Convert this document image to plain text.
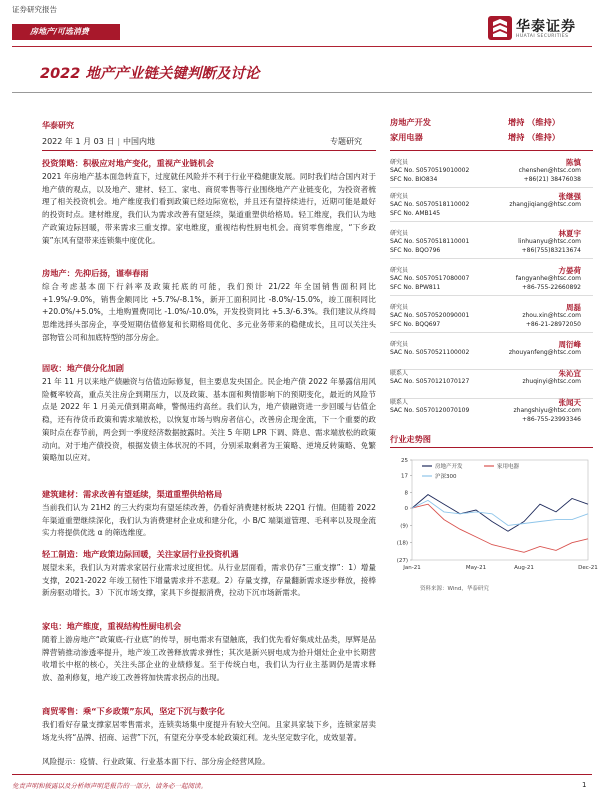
证券研究报告
房地产/可选消费	华泰证券
HUATAI SECURITIES
2022 地产产业链关键判断及讨论
华泰研究
2022 年 1 月 03 日 | 中国内地	专题研究
投资策略：积极应对地产变化，重视产业链机会
2021 年房地产基本面急转直下，过度就任风险并不利于行业平稳健康发展。同时我们结合国内对于地产债的观点，以及地产、建材、轻工、家电、商贸零售等行业围绕地产产业链变化，为投资者梳理了相关投资机会。地产维度我们看到政策已经边际宽松，并且还有望持续进行，近期可能是最好的投资时点。建材维度，我们认为需求改善有望延续，渠道重塑供给格局。轻工维度，我们认为地产政策边际回暖，带来需求三重支撑。家电维度，重视结构性厨电机会。商贸零售维度，“下乡政策”东风有望带来连锁集中度优化。
房地产：先抑后扬，谨奉春雨
综合考虑基本面下行斜率及政策托底的可能，我们预计 21/22 年全国销售面积同比 +1.9%/-9.0%，销售金额同比 +5.7%/-8.1%，新开工面积同比 -8.0%/-15.0%，竣工面积同比 +20.0%/+5.0%，土地购置费同比 -1.0%/-10.0%，开发投资同比 +5.3/-6.3%。我们建议从终局思维选择头部房企，享受短期估值修复和长期格局优化、多元业务带来的稳健成长，且可以关注头部物管公司和加底特型的部分房企。
固收：地产债分化加剧
21 年 11 月以来地产债融资与估值边际修复，但主要息发央国企。民企地产债 2022 年暴露信用风险概率较高，重点关注房企到期压力，以及政策、基本面和舆情影响下的预期变化，最近的风险节点是 2022 年 1 月美元债到期高峰，警惕违约高丝。我们认为，地产债融资进一步回暖与估值企稳，还有待货币政策和需求端放松，以恢复市场与购房者信心，改善房企现金流，下一个重要的政策时点在春节前，两会到一季度经济数据披露时。关注 5 年期 LPR 下调、降息、需求端放松的政策动向。对于地产债投资，根据发债主体状况的不同，分别采取剩者为王策略、逆境反转策略、免繁策略加以应对。
建筑建材：需求改善有望延续，渠道重塑供给格局
当前我们认为 21H2 的三大约束均有望延续改善，仍看好消费建材板块 22Q1 行情。但随着 2022 年渠道重塑继续深化，我们认为消费建材企业成和建分化，小 B/C 端渠道管理、毛利率以及现金流实力将提供优选 α 的筛选维度。
轻工制造：地产政策边际回暖，关注家居行业投资机遇
展望未来，我们认为对需求家居行业需求过度担忧。从行业层面看，需求仍存“三重支撑”：1）增量支撑，2021-2022 年竣工韧性下增量需求并不悲观。2）存量支撑，存量翻新需求逐步释放，接棒新房驱动增长。3）下沉市场支撑，家具下乡提振消费，拉动下沉市场新需求。
家电：地产维度，重视结构性厨电机会
随着上游房地产“政策底-行业底”的传导，厨电需求有望触底，我们优先看好集成灶品类，厚辉是品牌营销推动渗透率提升，地产竣工改善释放需求弹性；其次是新兴厨电成为拾升烟灶企业中长期营收增长中枢的核心，关注头部企业的业绩修复。至于传统白电，我们认为行业主基调仍是需求释放、盈利修复，地产竣工改善将加快需求拐点的出现。
商贸零售：乘“下乡政策”东风，坚定下沉与数字化
我们看好存量支撑家居零售需求，连锁卖场集中度提升有较大空间。且家具家装下乡，连锁家居卖场龙头将“品牌、招商、运营”下沉，有望充分享受本轮政策红利。龙头坚定数字化，成效显著。
风险提示：疫情、行业政策、行业基本面下行、部分房企经营风险。
房地产开发	增持 （维持）
家用电器	增持 （维持）
研究员	陈慎
SAC No. S0570519010002
SFC No. BIO834
chenshen@htsc.com
+86(21) 38476038
研究员	张继强
SAC No. S0570518110002
SFC No. AMB145
zhangjiqiang@htsc.com
研究员	林夏宇
SAC No. S0570518110001
SFC No. BQO796
linhuanyu@htsc.com
+86(755)83213674
研究员	方晏荷
SAC No. S0570517080007
SFC No. BPW811
fangyanhe@htsc.com
+86-755-22660892
研究员	周磊
SAC No. S0570520090001
SFC No. BQQ697
zhou.xin@htsc.com
+86-21-28972050
研究员	周衍峰
SAC No. S0570521100002	zhouyanfeng@htsc.com
联系人	朱沁宜
SAC No. S0570121070127	zhuqinyi@htsc.com
联系人	张闻天
SAC No. S0570120070109	zhangshiyu@htsc.com
+86-755-23993346
行业走势图
25
17
8
0
(9)
(18)
(27)
Jan-21	May-21	Aug-21	Dec-21
房地产开发	家用电器
沪深300
资料来源：Wind，华泰研究
免责声明和披露以及分析师声明是报告的一部分，请务必一起阅读。	1
